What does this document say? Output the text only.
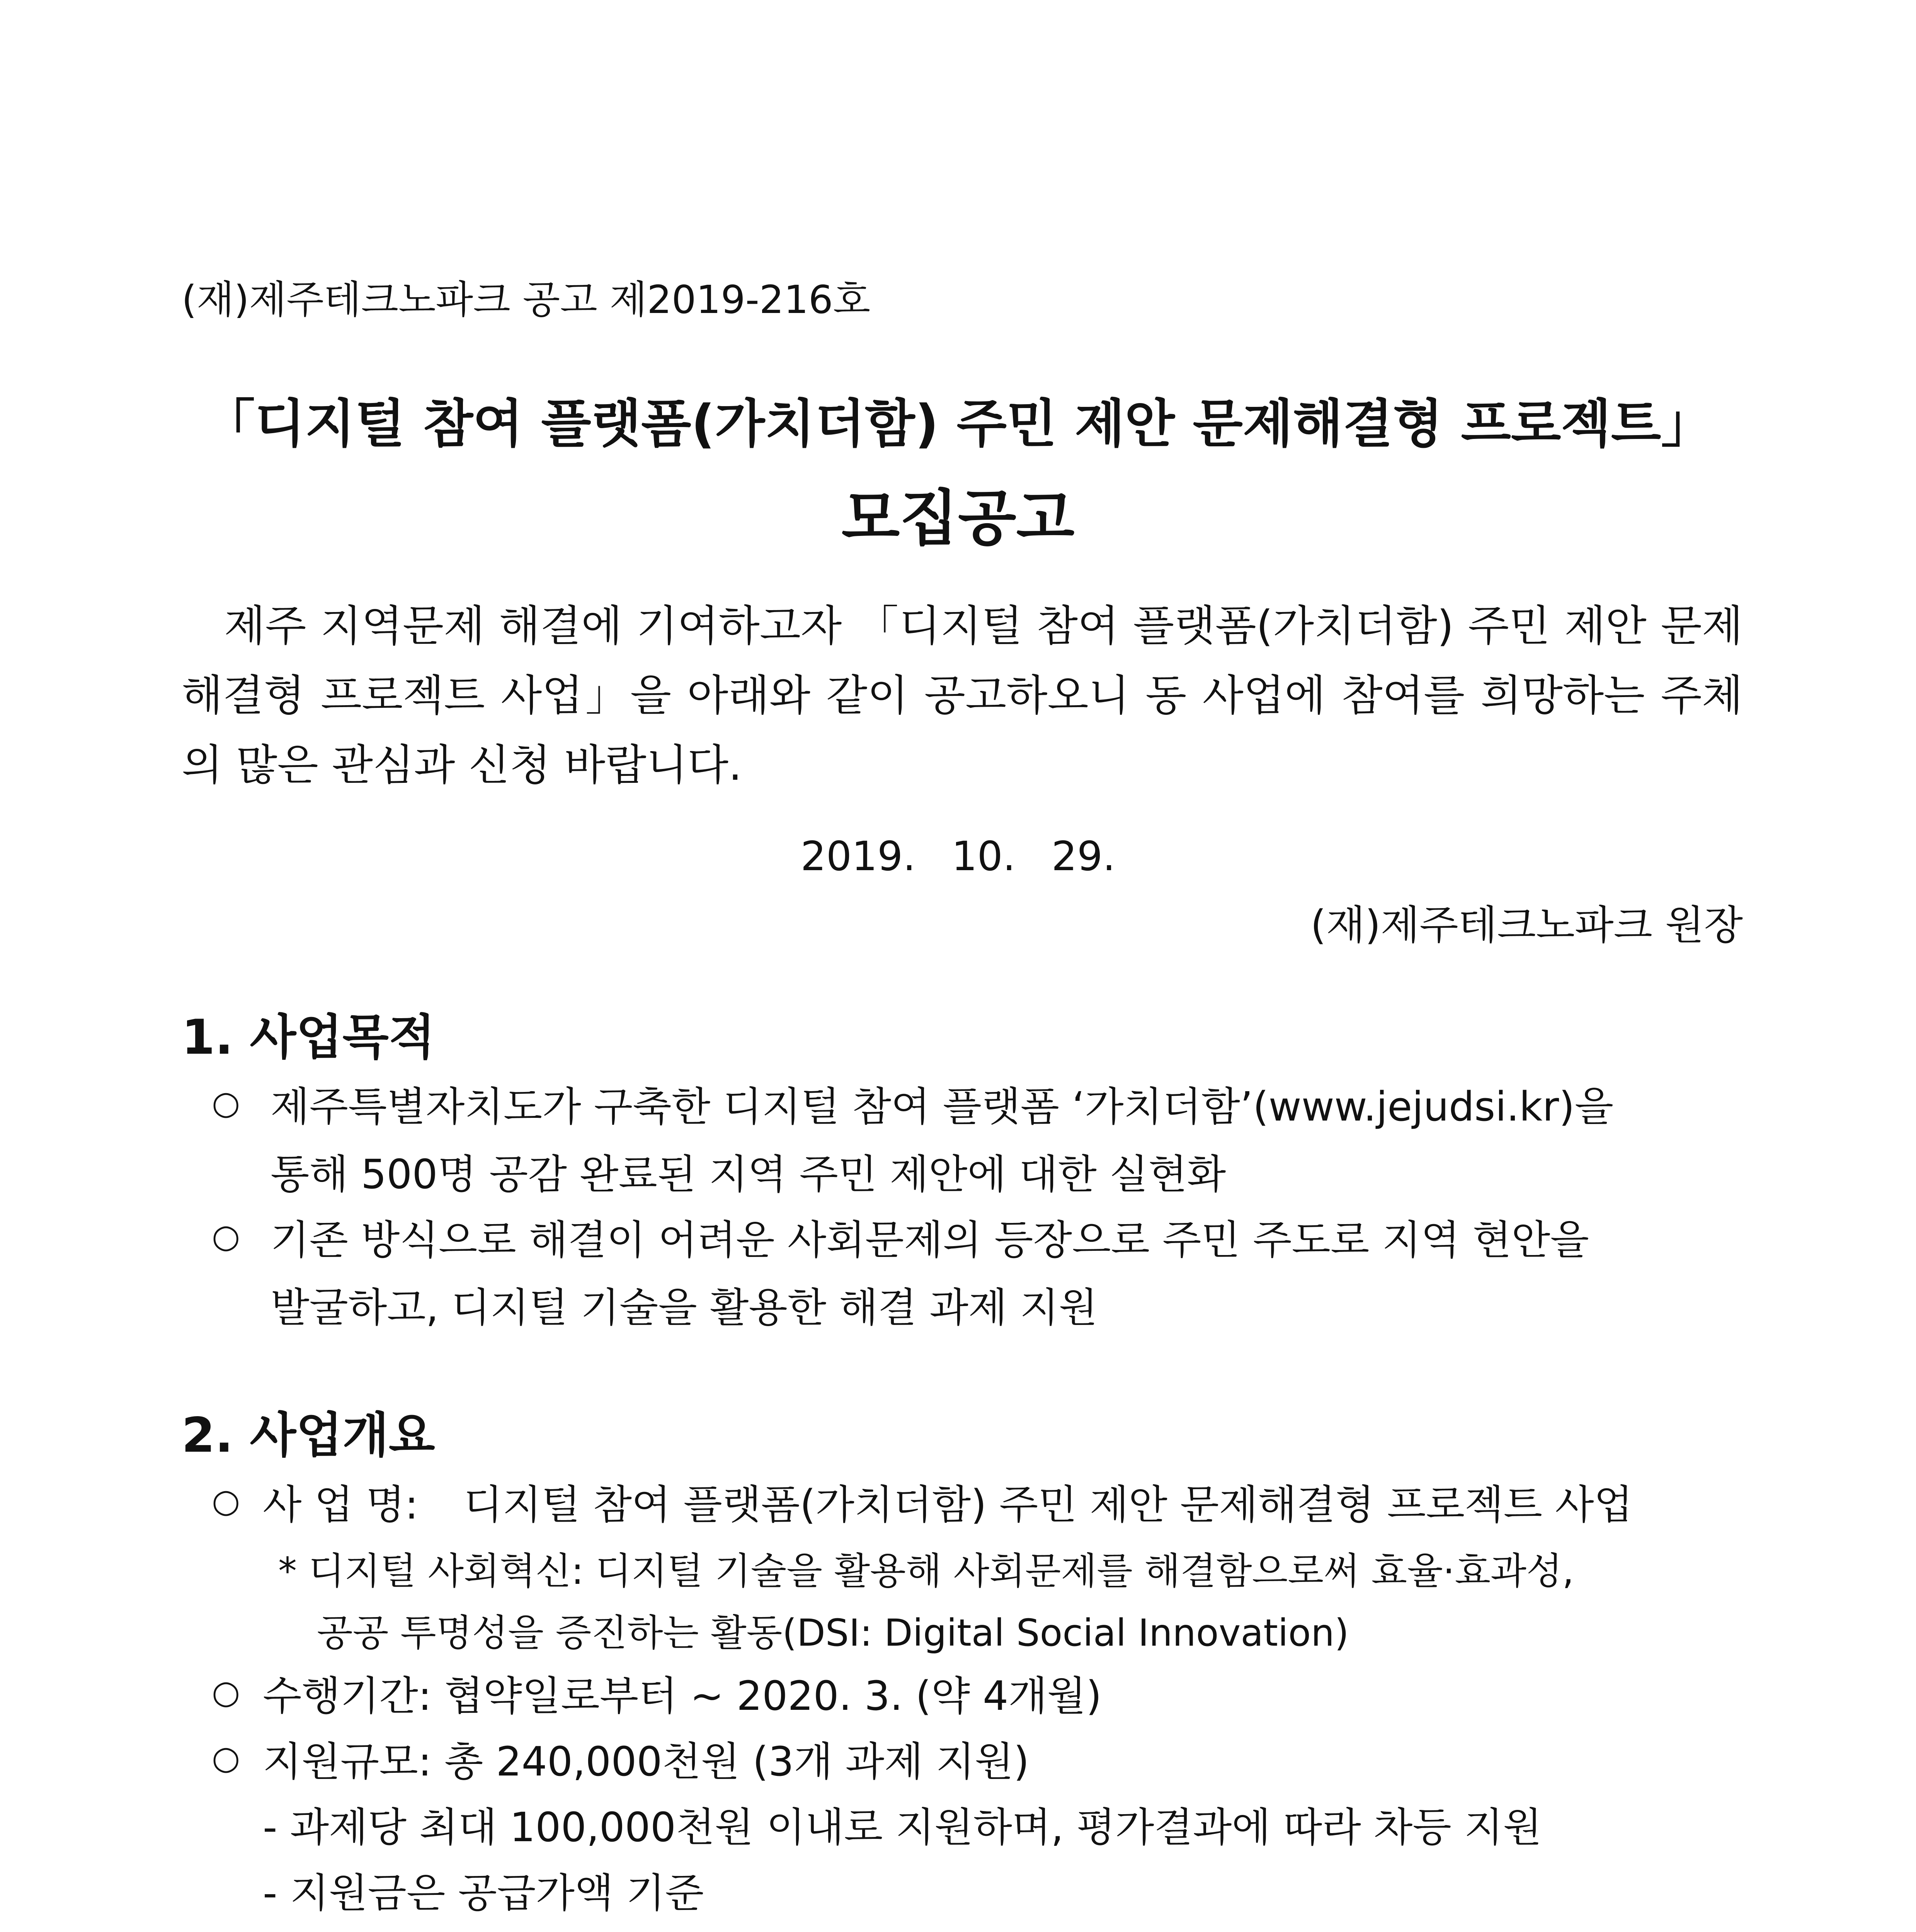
(재)제주테크노파크 공고 제2019-216호
「디지털 참여 플랫폼(가치더함) 주민 제안 문제해결형 프로젝트」
모집공고
제주 지역문제 해결에 기여하고자 「디지털 참여 플랫폼(가치더함) 주민 제안 문제해결형 프로젝트 사업」을 아래와 같이 공고하오니 동 사업에 참여를 희망하는 주체의 많은 관심과 신청 바랍니다.
2019. 10. 29.
(재)제주테크노파크 원장
1. 사업목적
○ 제주특별자치도가 구축한 디지털 참여 플랫폼 ‘가치더함’(www.jejudsi.kr)을
통해 500명 공감 완료된 지역 주민 제안에 대한 실현화
○ 기존 방식으로 해결이 어려운 사회문제의 등장으로 주민 주도로 지역 현안을
발굴하고, 디지털 기술을 활용한 해결 과제 지원
2. 사업개요
○ 사 업 명: 디지털 참여 플랫폼(가치더함) 주민 제안 문제해결형 프로젝트 사업
* 디지털 사회혁신: 디지털 기술을 활용해 사회문제를 해결함으로써 효율·효과성,
공공 투명성을 증진하는 활동(DSI: Digital Social Innovation)
○ 수행기간: 협약일로부터 ~ 2020. 3. (약 4개월)
○ 지원규모: 총 240,000천원 (3개 과제 지원)
- 과제당 최대 100,000천원 이내로 지원하며, 평가결과에 따라 차등 지원
- 지원금은 공급가액 기준
